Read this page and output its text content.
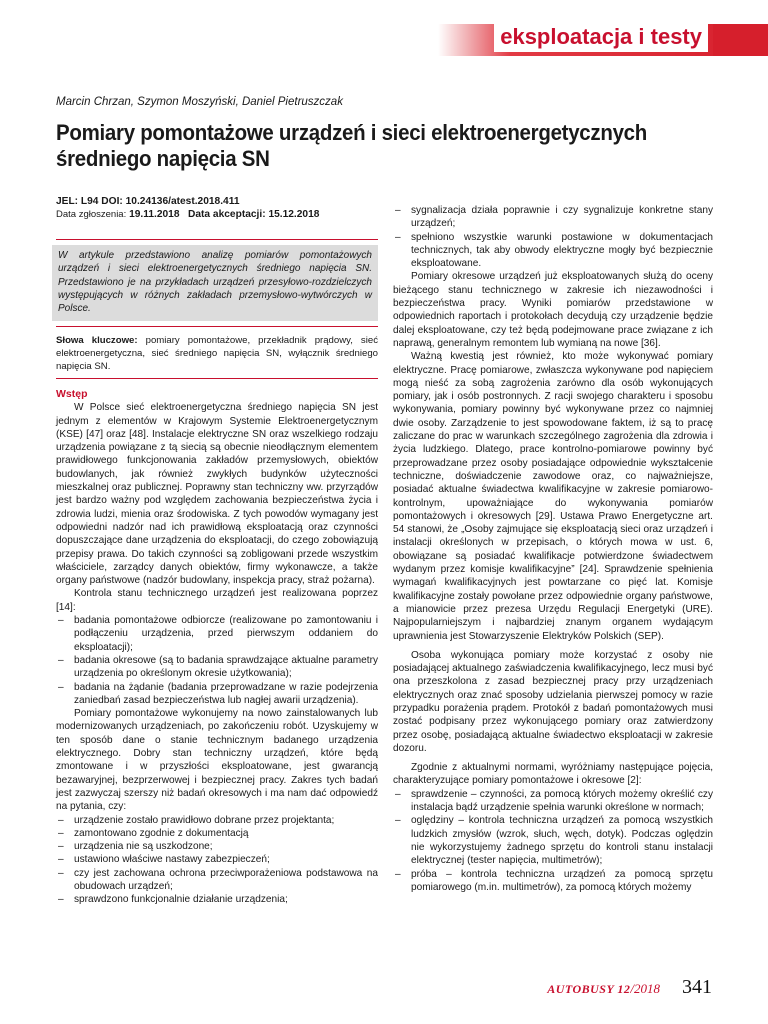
eksploatacja i testy
Marcin Chrzan, Szymon Moszyński, Daniel Pietruszczak
Pomiary pomontażowe urządzeń i sieci elektroenergetycznych średniego napięcia SN
JEL: L94 DOI: 10.24136/atest.2018.411
Data zgłoszenia: 19.11.2018 Data akceptacji: 15.12.2018
W artykule przedstawiono analizę pomiarów pomontażowych urządzeń i sieci elektroenergetycznych średniego napięcia SN. Przedstawiono je na przykładach urządzeń przesyłowo-rozdzielczych występujących w różnych zakładach przemysłowo-wytwórczych w Polsce.
Słowa kluczowe: pomiary pomontażowe, przekładnik prądowy, sieć elektroenergetyczna, sieć średniego napięcia SN, wyłącznik średniego napięcia SN.

Wstęp

W Polsce sieć elektroenergetyczna średniego napięcia SN jest jednym z elementów w Krajowym Systemie Elektroenergetycznym (KSE) [47] oraz [48]. Instalacje elektryczne SN oraz wszelkiego rodzaju urządzenia powiązane z tą siecią są obecnie nieodłącznym elementem prawidłowego funkcjonowania zakładów przemysłowych, obiektów budowlanych, jak również zwykłych budynków użyteczności mieszkalnej oraz publicznej. Poprawny stan techniczny ww. przyrządów jest bardzo ważny pod względem zachowania bezpieczeństwa życia i zdrowia ludzi, mienia oraz środowiska. Z tych powodów wymagany jest odpowiedni nadzór nad ich prawidłową eksploatacją oraz czynności dopuszczające dane urządzenia do eksploatacji, do czego zobowiązują przepisy prawa. Do takich czynności są zobligowani przede wszystkim właściciele, zarządcy danych obiektów, firmy wykonawcze, a także organy państwowe (nadzór budowlany, inspekcja pracy, straż pożarna).

Kontrola stanu technicznego urządzeń jest realizowana poprzez [14]:

– badania pomontażowe odbiorcze (realizowane po zamontowaniu i podłączeniu urządzenia, przed pierwszym oddaniem do eksploatacji);
– badania okresowe (są to badania sprawdzające aktualne parametry urządzenia po określonym okresie użytkowania);
– badania na żądanie (badania przeprowadzane w razie podejrzenia zaniedbań zasad bezpieczeństwa lub nagłej awarii urządzenia).

Pomiary pomontażowe wykonujemy na nowo zainstalowanych lub modernizowanych urządzeniach, po zakończeniu robót. Uzyskujemy w ten sposób dane o stanie technicznym badanego urządzenia elektrycznego. Dobry stan techniczny urządzeń, które będą zmontowane i w przyszłości eksploatowane, jest gwarancją bezawaryjnej, bezprzerwowej i bezpiecznej pracy. Zakres tych badań jest zazwyczaj szerszy niż badań okresowych i ma nam dać odpowiedź na pytania, czy:

– urządzenie zostało prawidłowo dobrane przez projektanta;
– zamontowano zgodnie z dokumentacją
– urządzenia nie są uszkodzone;
– ustawiono właściwe nastawy zabezpieczeń;
– czy jest zachowana ochrona przeciwporażeniowa podstawowa na obudowach urządzeń;
– sprawdzono funkcjonalnie działanie urządzenia;
– sygnalizacja działa poprawnie i czy sygnalizuje konkretne stany urządzeń;
– spełniono wszystkie warunki postawione w dokumentacjach technicznych, tak aby obwody elektryczne mogły być bezpiecznie eksploatowane.

Pomiary okresowe urządzeń już eksploatowanych służą do oceny bieżącego stanu technicznego w zakresie ich niezawodności i bezpieczeństwa pracy. Wyniki pomiarów przedstawione w odpowiednich raportach i protokołach decydują czy urządzenie będzie dalej eksploatowane, czy też będą podejmowane prace związane z ich naprawą, generalnym remontem lub wymianą na nowe [36].

Ważną kwestią jest również, kto może wykonywać pomiary elektryczne. Pracę pomiarowe, zwłaszcza wykonywane pod napięciem mogą nieść za sobą zagrożenia zarówno dla osób wykonujących pomiary, jak i osób postronnych. Z racji swojego charakteru i sposobu wykonywania, pomiary powinny być wykonywane przez co najmniej dwie osoby. Zarządzenie to jest spowodowane faktem, iż są to pracę zaliczane do prac w warunkach szczególnego zagrożenia dla zdrowia i życia ludzkiego. Dlatego, prace kontrolno-pomiarowe powinny być przeprowadzane przez osoby posiadające odpowiednie wykształcenie techniczne, doświadczenie zawodowe oraz, co najważniejsze, posiadać aktualne świadectwa kwalifikacyjne w zakresie pomiarowo-kontrolnym, upoważniające do wykonywania pomiarów pomontażowych i okresowych [29]. Ustawa Prawo Energetyczne art. 54 stanowi, że „Osoby zajmujące się eksploatacją sieci oraz urządzeń i instalacji określonych w przepisach, o których mowa w ust. 6, obowiązane są posiadać kwalifikacje potwierdzone świadectwem wydanym przez komisje kwalifikacyjne” [24]. Sprawdzenie spełnienia wymagań kwalifikacyjnych jest powtarzane co pięć lat. Komisje kwalifikacyjne zostały powołane przez odpowiednie organy państwowe, a mianowicie przez prezesa Urzędu Regulacji Energetyki (URE). Najpopularniejszym i najbardziej znanym organem wydającym uprawnienia jest Stowarzyszenie Elektryków Polskich (SEP).

Osoba wykonująca pomiary może korzystać z osoby nie posiadającej aktualnego zaświadczenia kwalifikacyjnego, lecz musi być ona przeszkolona z zasad bezpiecznej pracy przy urządzeniach elektrycznych oraz znać sposoby udzielania pierwszej pomocy w razie przypadku porażenia prądem. Protokół z badań pomontażowych musi zostać podpisany przez wykonującego pomiary oraz zatwierdzony przez osobę, posiadającą aktualne świadectwo eksploatacji w zakresie dozoru.

Zgodnie z aktualnymi normami, wyróżniamy następujące pojęcia, charakteryzujące pomiary pomontażowe i okresowe [2]:

– sprawdzenie – czynności, za pomocą których możemy określić czy instalacja bądź urządzenie spełnia warunki określone w normach;
– oględziny – kontrola techniczna urządzeń za pomocą wszystkich ludzkich zmysłów (wzrok, słuch, węch, dotyk). Podczas oględzin nie wykorzystujemy żadnego sprzętu do kontroli stanu instalacji elektrycznej (tester napięcia, multimetrów);
– próba – kontrola techniczna urządzeń za pomocą sprzętu pomiarowego (m.in. multimetrów), za pomocą których możemy
AUTOBUSY 12/2018 341
